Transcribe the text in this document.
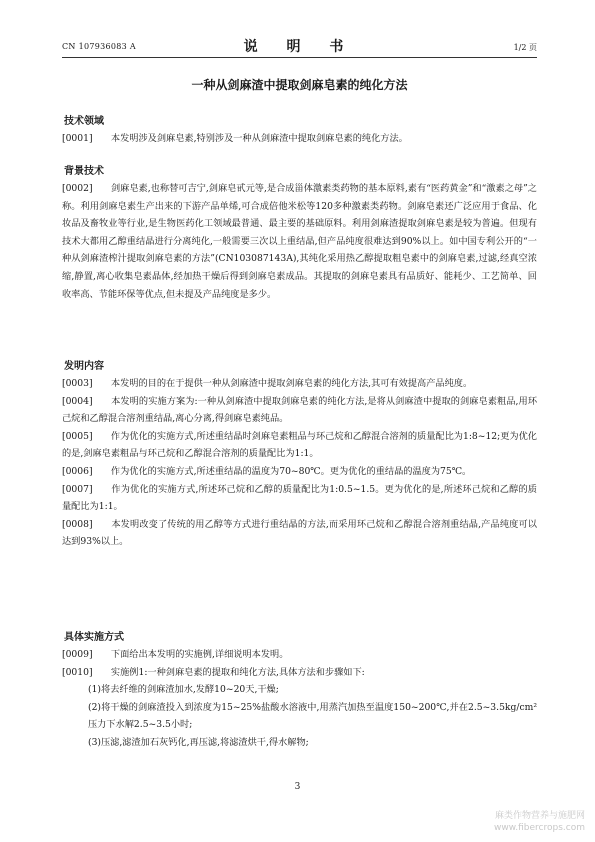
CN 107936083 A	说 明 书	1/2 页
一种从剑麻渣中提取剑麻皂素的纯化方法
技术领域

[0001]　　本发明涉及剑麻皂素,特别涉及一种从剑麻渣中提取剑麻皂素的纯化方法。

背景技术

[0002]　　剑麻皂素,也称替可吉宁,剑麻皂甙元等,是合成甾体激素类药物的基本原料,素有“医药黄金”和“激素之母”之称。利用剑麻皂素生产出来的下游产品单烯,可合成倍他米松等120多种激素类药物。剑麻皂素还广泛应用于食品、化妆品及畜牧业等行业,是生物医药化工领域最普通、最主要的基础原料。利用剑麻渣提取剑麻皂素是较为普遍。但现有技术大都用乙醇重结晶进行分离纯化,一般需要三次以上重结晶,但产品纯度很难达到90%以上。如中国专利公开的“一种从剑麻渣榨汁提取剑麻皂素的方法”(CN103087143A),其纯化采用热乙醇提取粗皂素中的剑麻皂素,过滤,经真空浓缩,静置,离心收集皂素晶体,经加热干燥后得到剑麻皂素成品。其提取的剑麻皂素具有品质好、能耗少、工艺简单、回收率高、节能环保等优点,但未提及产品纯度是多少。

发明内容

[0003]　　本发明的目的在于提供一种从剑麻渣中提取剑麻皂素的纯化方法,其可有效提高产品纯度。

[0004]　　本发明的实施方案为:一种从剑麻渣中提取剑麻皂素的纯化方法,是将从剑麻渣中提取的剑麻皂素粗品,用环己烷和乙醇混合溶剂重结晶,离心分离,得剑麻皂素纯品。

[0005]　　作为优化的实施方式,所述重结晶时剑麻皂素粗品与环己烷和乙醇混合溶剂的质量配比为1:8~12;更为优化的是,剑麻皂素粗品与环己烷和乙醇混合溶剂的质量配比为1:1。

[0006]　　作为优化的实施方式,所述重结晶的温度为70~80℃。更为优化的重结晶的温度为75℃。

[0007]　　作为优化的实施方式,所述环己烷和乙醇的质量配比为1:0.5~1.5。更为优化的是,所述环己烷和乙醇的质量配比为1:1。

[0008]　　本发明改变了传统的用乙醇等方式进行重结晶的方法,而采用环己烷和乙醇混合溶剂重结晶,产品纯度可以达到93%以上。

具体实施方式

[0009]　　下面给出本发明的实施例,详细说明本发明。

[0010]　　实施例1:一种剑麻皂素的提取和纯化方法,具体方法和步骤如下:

(1)将去纤维的剑麻渣加水,发酵10~20天,干燥;

(2)将干燥的剑麻渣投入到浓度为15~25%盐酸水溶液中,用蒸汽加热至温度150~200℃,并在2.5~3.5kg/cm²压力下水解2.5~3.5小时;

(3)压滤,滤渣加石灰钙化,再压滤,将滤渣烘干,得水解物;

3
麻类作物营养与施肥网
www.fibercrops.com
